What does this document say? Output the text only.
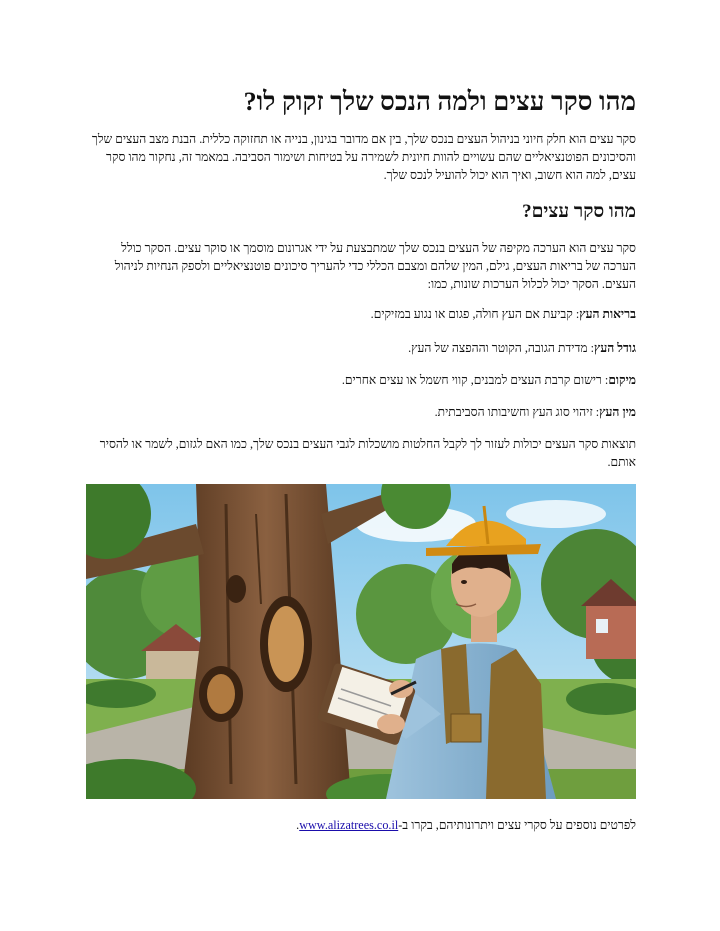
מהו סקר עצים ולמה הנכס שלך זקוק לו?

סקר עצים הוא חלק חיוני בניהול העצים בנכס שלך, בין אם מדובר בגינון, בנייה או תחזוקה כללית. הבנת מצב העצים שלך והסיכונים הפוטנציאליים שהם עשויים להוות חיונית לשמירה על בטיחות ושימור הסביבה. במאמר זה, נחקור מהו סקר עצים, למה הוא חשוב, ואיך הוא יכול להועיל לנכס שלך.

מהו סקר עצים?

סקר עצים הוא הערכה מקיפה של העצים בנכס שלך שמתבצעת על ידי אגרונום מוסמך או סוקר עצים. הסקר כולל הערכה של בריאות העצים, גילם, המין שלהם ומצבם הכללי כדי להעריך סיכונים פוטנציאליים ולספק הנחיות לניהול העצים. הסקר יכול לכלול הערכות שונות, כמו:

בריאות העץ: קביעת אם העץ חולה, פגום או נגוע במזיקים.

גודל העץ: מדידת הגובה, הקוטר וההפצה של העץ.

מיקום: רישום קרבת העצים למבנים, קווי חשמל או עצים אחרים.

מין העץ: זיהוי סוג העץ וחשיבותו הסביבתית.

תוצאות סקר העצים יכולות לעזור לך לקבל החלטות מושכלות לגבי העצים בנכס שלך, כמו האם לגזום, לשמר או להסיר אותם.

לפרטים נוספים על סקרי עצים ויתרונותיהם, בקרו ב-www.alizatrees.co.il.
